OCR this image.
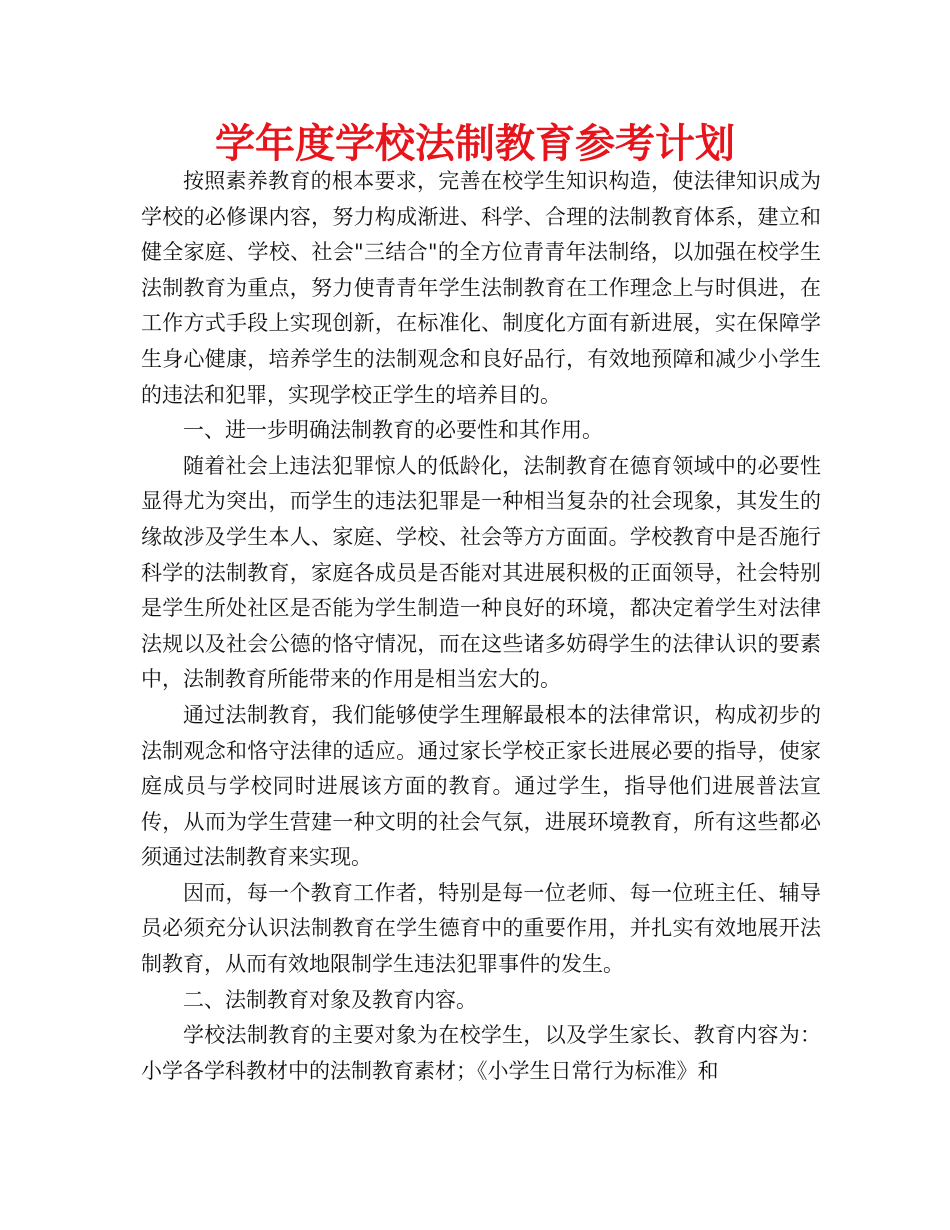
学年度学校法制教育参考计划

按照素养教育的根本要求，完善在校学生知识构造，使法律知识成为学校的必修课内容，努力构成渐进、科学、合理的法制教育体系，建立和健全家庭、学校、社会"三结合"的全方位青青年法制络，以加强在校学生法制教育为重点，努力使青青年学生法制教育在工作理念上与时俱进，在工作方式手段上实现创新，在标准化、制度化方面有新进展，实在保障学生身心健康，培养学生的法制观念和良好品行，有效地预障和减少小学生的违法和犯罪，实现学校正学生的培养目的。

一、进一步明确法制教育的必要性和其作用。

随着社会上违法犯罪惊人的低龄化，法制教育在德育领域中的必要性显得尤为突出，而学生的违法犯罪是一种相当复杂的社会现象，其发生的缘故涉及学生本人、家庭、学校、社会等方方面面。学校教育中是否施行科学的法制教育，家庭各成员是否能对其进展积极的正面领导，社会特别是学生所处社区是否能为学生制造一种良好的环境，都决定着学生对法律法规以及社会公德的恪守情况，而在这些诸多妨碍学生的法律认识的要素中，法制教育所能带来的作用是相当宏大的。

通过法制教育，我们能够使学生理解最根本的法律常识，构成初步的法制观念和恪守法律的适应。通过家长学校正家长进展必要的指导，使家庭成员与学校同时进展该方面的教育。通过学生，指导他们进展普法宣传，从而为学生营建一种文明的社会气氛，进展环境教育，所有这些都必须通过法制教育来实现。

因而，每一个教育工作者，特别是每一位老师、每一位班主任、辅导员必须充分认识法制教育在学生德育中的重要作用，并扎实有效地展开法制教育，从而有效地限制学生违法犯罪事件的发生。

二、法制教育对象及教育内容。

学校法制教育的主要对象为在校学生，以及学生家长、教育内容为：小学各学科教材中的法制教育素材；《小学生日常行为标准》和
